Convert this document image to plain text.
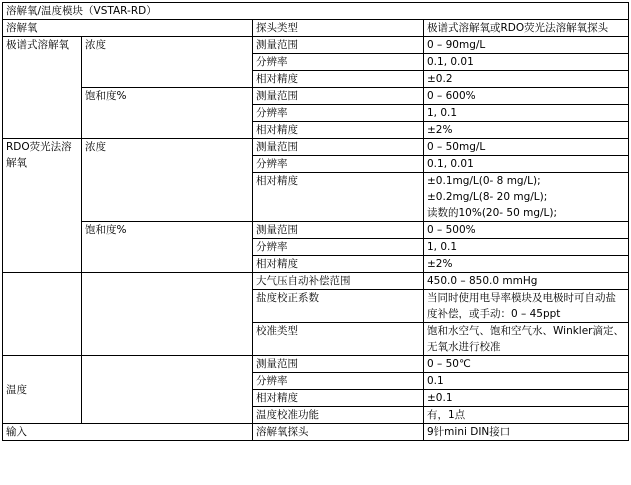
溶解氧/温度模块（VSTAR-RD）			
溶解氧		探头类型	极谱式溶解氧或RDO荧光法溶解氧探头
极谱式溶解氧	浓度	测量范围	0 – 90mg/L
		分辨率	0.1, 0.01
		相对精度	±0.2
	饱和度%	测量范围	0 – 600%
		分辨率	1, 0.1
		相对精度	±2%
RDO荧光法溶解氧	浓度	测量范围	0 – 50mg/L
		分辨率	0.1, 0.01
		相对精度	±0.1mg/L(0- 8 mg/L);
±0.2mg/L(8- 20 mg/L);
读数的10%(20- 50 mg/L);
	饱和度%	测量范围	0 – 500%
		分辨率	1, 0.1
		相对精度	±2%
		大气压自动补偿范围	450.0 – 850.0 mmHg
		盐度校正系数	当同时使用电导率模块及电极时可自动盐度补偿，或手动：0 – 45ppt
		校准类型	饱和水空气、饱和空气水、Winkler滴定、无氧水进行校准
温度		测量范围	0 – 50℃
		分辨率	0.1
		相对精度	±0.1
		温度校准功能	有，1点
输入		溶解氧探头	9针mini DIN接口
